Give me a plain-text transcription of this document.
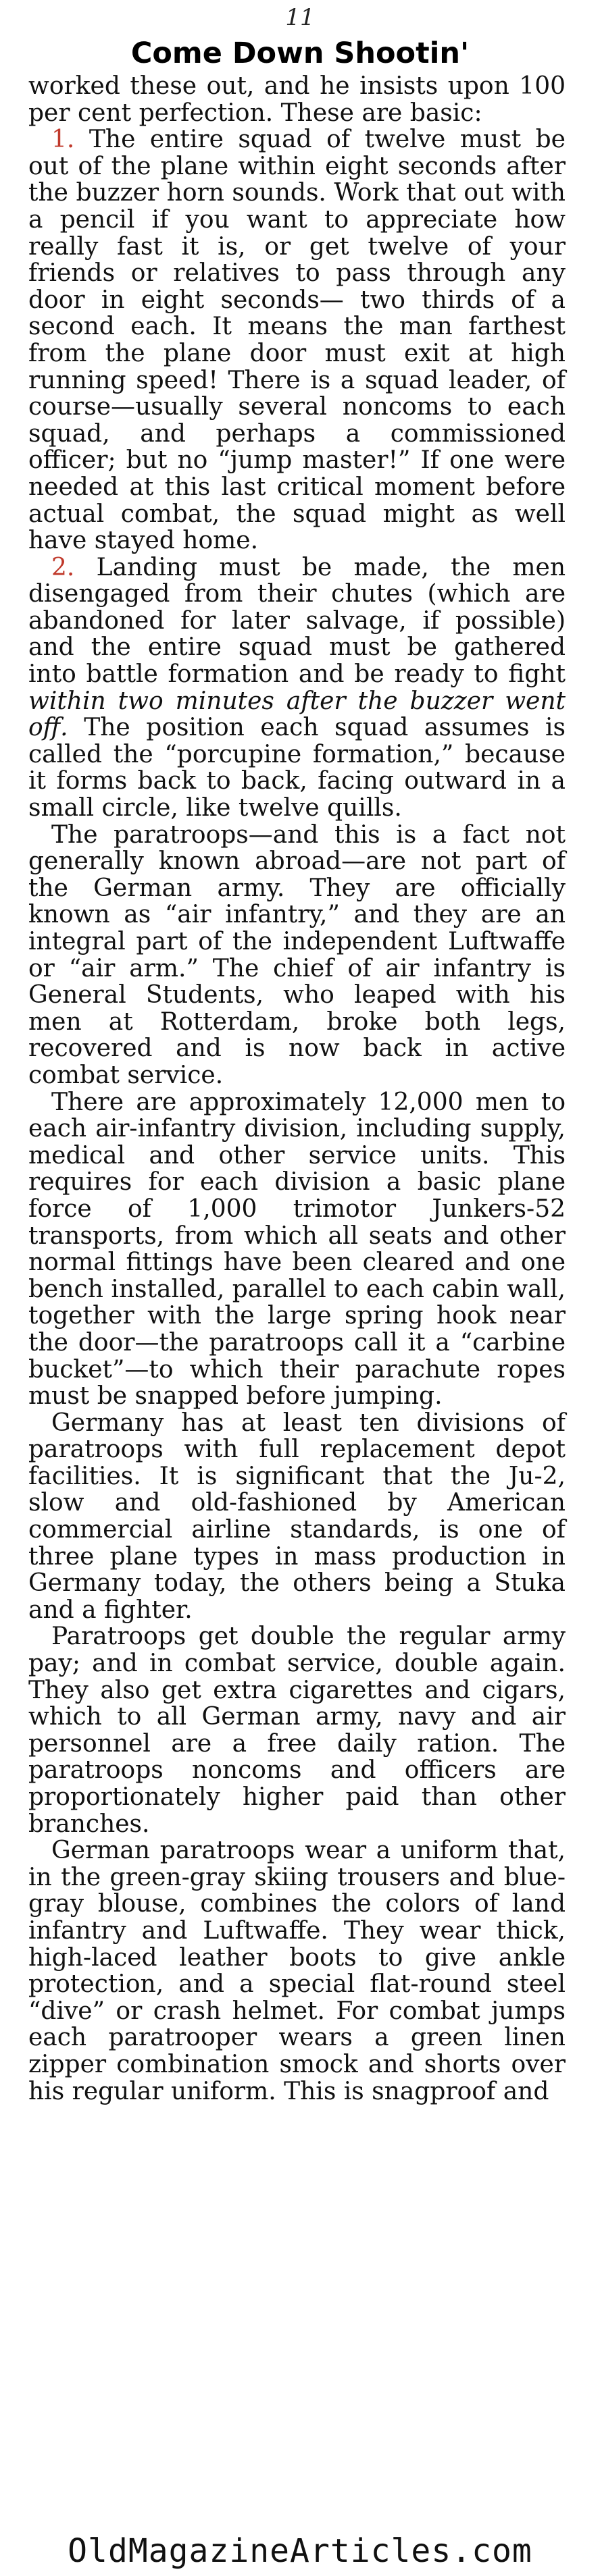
11
Come Down Shootin'

worked these out, and he insists upon 100 per cent perfection. These are basic:

1. The entire squad of twelve must be out of the plane within eight seconds after the buzzer horn sounds. Work that out with a pencil if you want to appreciate how really fast it is, or get twelve of your friends or relatives to pass through any door in eight seconds— two thirds of a second each. It means the man farthest from the plane door must exit at high running speed! There is a squad leader, of course—usually several noncoms to each squad, and perhaps a commissioned officer; but no “jump master!” If one were needed at this last critical moment before actual combat, the squad might as well have stayed home.

2. Landing must be made, the men disengaged from their chutes (which are abandoned for later salvage, if possible) and the entire squad must be gathered into battle formation and be ready to fight within two minutes after the buzzer went off. The position each squad assumes is called the “porcupine formation,” because it forms back to back, facing outward in a small circle, like twelve quills.

The paratroops—and this is a fact not generally known abroad—are not part of the German army. They are officially known as “air infantry,” and they are an integral part of the independent Luftwaffe or “air arm.” The chief of air infantry is General Students, who leaped with his men at Rotterdam, broke both legs, recovered and is now back in active combat service.

There are approximately 12,000 men to each air-infantry division, including supply, medical and other service units. This requires for each division a basic plane force of 1,000 trimotor Junkers-52 transports, from which all seats and other normal fittings have been cleared and one bench installed, parallel to each cabin wall, together with the large spring hook near the door—the paratroops call it a “carbine bucket”—to which their parachute ropes must be snapped before jumping.

Germany has at least ten divisions of paratroops with full replacement depot facilities. It is significant that the Ju-2, slow and old-fashioned by American commercial airline standards, is one of three plane types in mass production in Germany today, the others being a Stuka and a fighter.

Paratroops get double the regular army pay; and in combat service, double again. They also get extra cigarettes and cigars, which to all German army, navy and air personnel are a free daily ration. The paratroops noncoms and officers are proportionately higher paid than other branches.

German paratroops wear a uniform that, in the green-gray skiing trousers and blue-gray blouse, combines the colors of land infantry and Luftwaffe. They wear thick, high-laced leather boots to give ankle protection, and a special flat-round steel “dive” or crash helmet. For combat jumps each paratrooper wears a green linen zipper combination smock and shorts over his regular uniform. This is snagproof and

OldMagazineArticles.com
